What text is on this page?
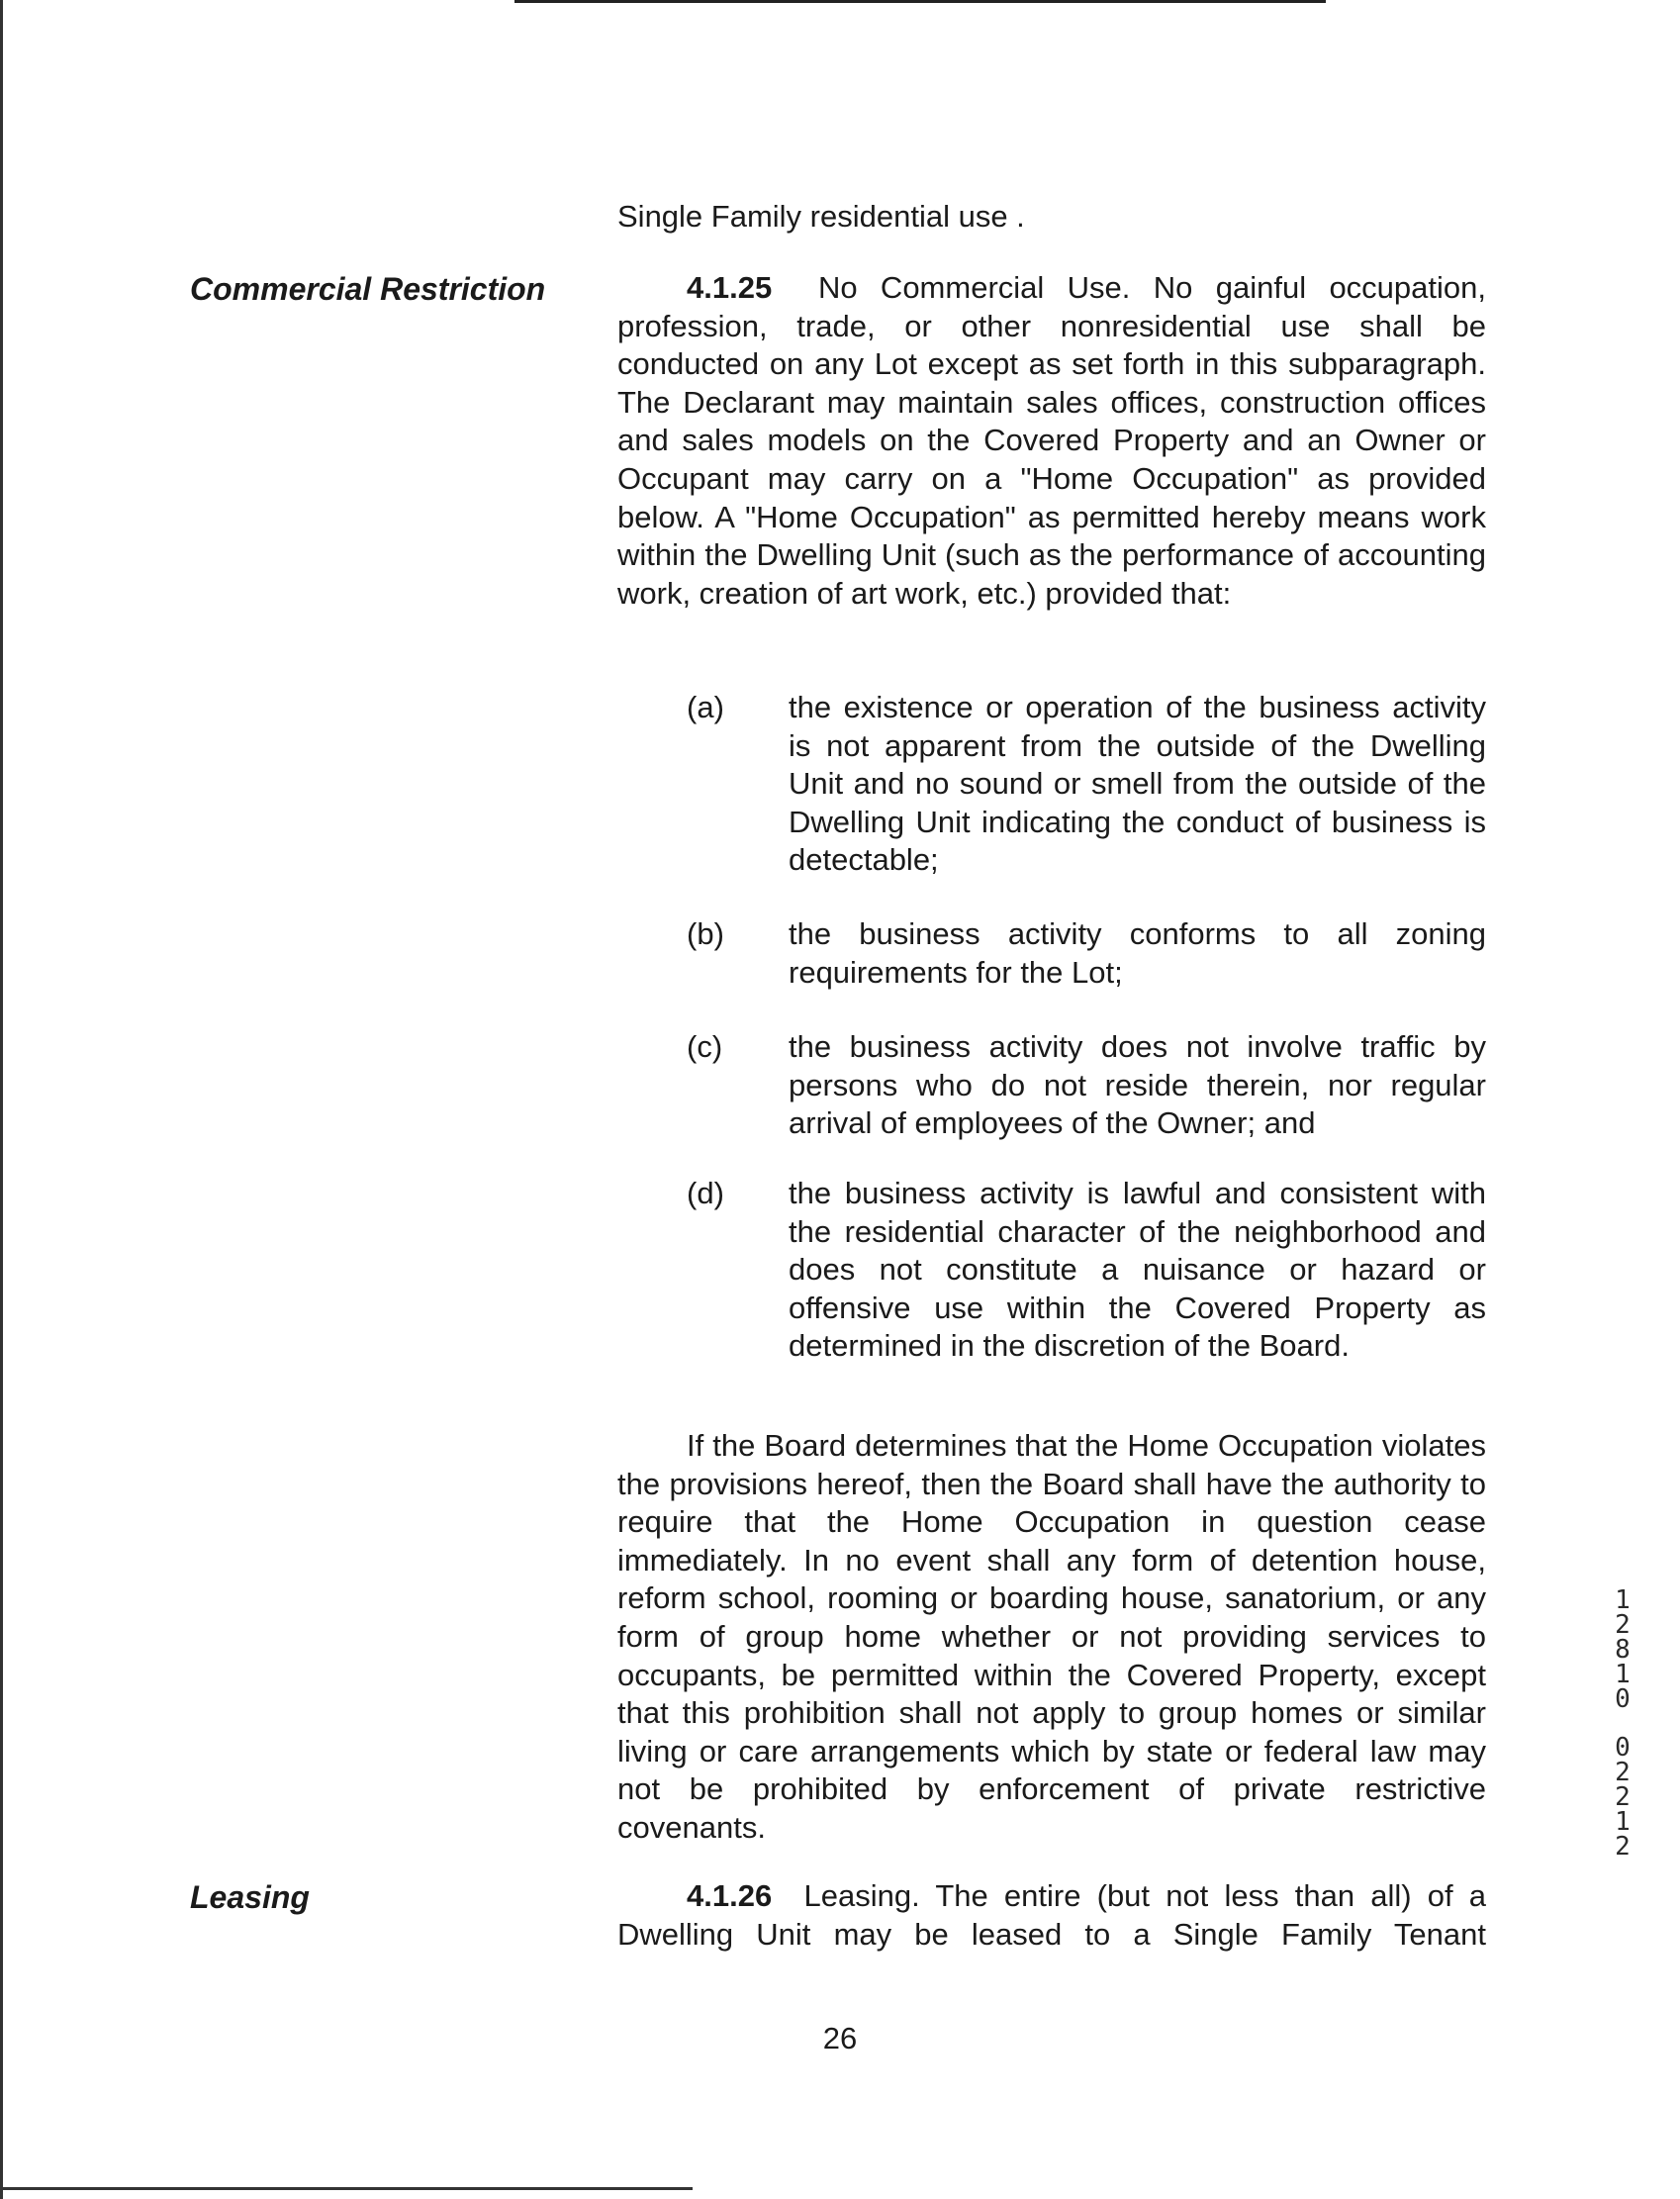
Single Family residential use .

Commercial Restriction	4.1.25 No Commercial Use. No gainful occupation, profession, trade, or other nonresidential use shall be conducted on any Lot except as set forth in this subparagraph. The Declarant may maintain sales offices, construction offices and sales models on the Covered Property and an Owner or Occupant may carry on a "Home Occupation" as provided below. A "Home Occupation" as permitted hereby means work within the Dwelling Unit (such as the performance of accounting work, creation of art work, etc.) provided that:

(a) the existence or operation of the business activity is not apparent from the outside of the Dwelling Unit and no sound or smell from the outside of the Dwelling Unit indicating the conduct of business is detectable;

(b) the business activity conforms to all zoning requirements for the Lot;

(c) the business activity does not involve traffic by persons who do not reside therein, nor regular arrival of employees of the Owner; and

(d) the business activity is lawful and consistent with the residential character of the neighborhood and does not constitute a nuisance or hazard or offensive use within the Covered Property as determined in the discretion of the Board.

If the Board determines that the Home Occupation violates the provisions hereof, then the Board shall have the authority to require that the Home Occupation in question cease immediately. In no event shall any form of detention house, reform school, rooming or boarding house, sanatorium, or any form of group home whether or not providing services to occupants, be permitted within the Covered Property, except that this prohibition shall not apply to group homes or similar living or care arrangements which by state or federal law may not be prohibited by enforcement of private restrictive covenants.

Leasing	4.1.26 Leasing. The entire (but not less than all) of a Dwelling Unit may be leased to a Single Family Tenant

26
1
2
8
1
0
0
2
2
1
2
